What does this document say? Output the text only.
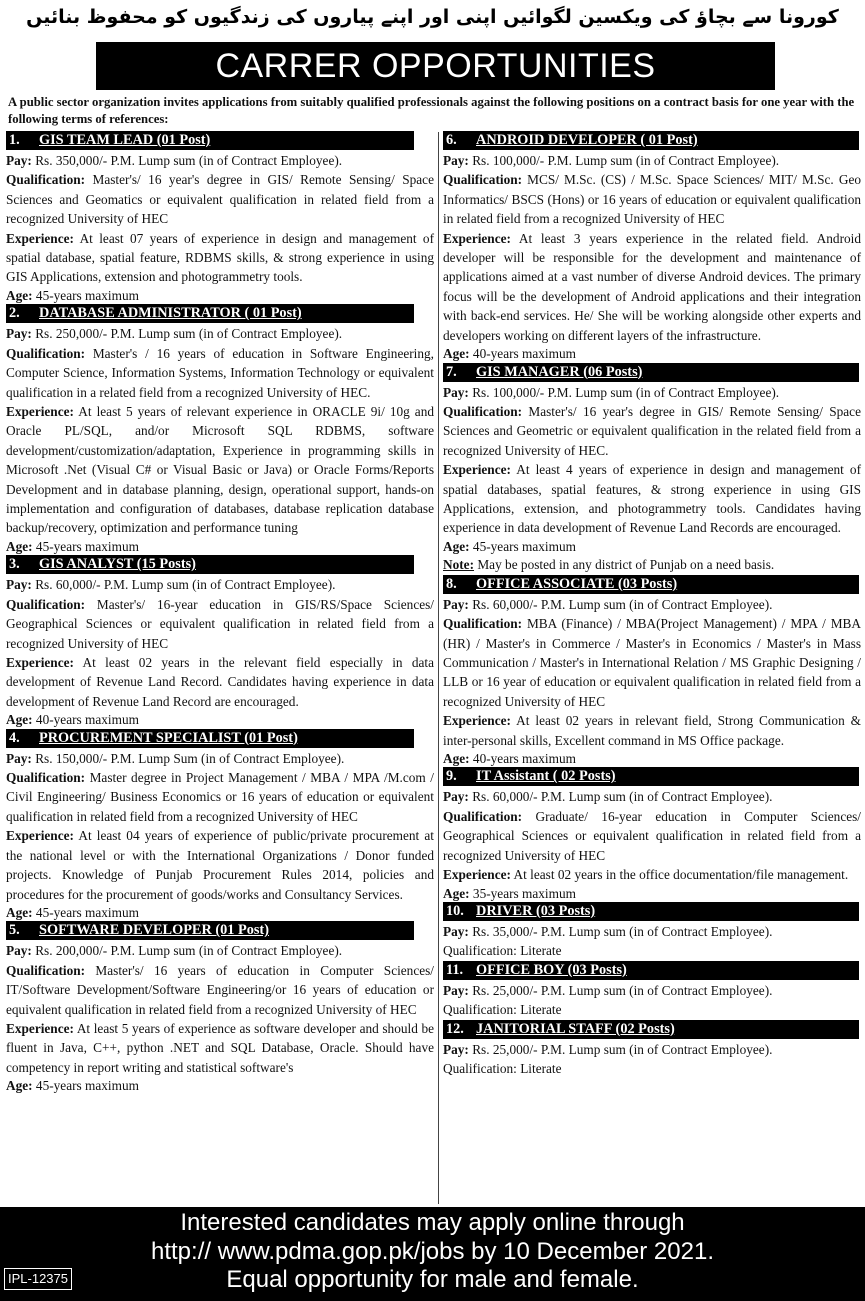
کورونا سے بچاؤ کی ویکسین لگوائیں اپنی اور اپنے پیاروں کی زندگیوں کو محفوظ بنائیں
CARRER OPPORTUNITIES
A public sector organization invites applications from suitably qualified professionals against the following positions on a contract basis for one year with the following terms of references:
1. GIS TEAM LEAD (01 Post)

Pay: Rs. 350,000/- P.M. Lump sum (in of Contract Employee).

Qualification: Master's/ 16 year's degree in GIS/ Remote Sensing/ Space Sciences and Geomatics or equivalent qualification in related field from a recognized University of HEC

Experience: At least 07 years of experience in design and management of spatial database, spatial feature, RDBMS skills, & strong experience in using GIS Applications, extension and photogrammetry tools.

Age: 45-years maximum

2. DATABASE ADMINISTRATOR ( 01 Post)

Pay: Rs. 250,000/- P.M. Lump sum (in of Contract Employee).

Qualification: Master's / 16 years of education in Software Engineering, Computer Science, Information Systems, Information Technology or equivalent qualification in a related field from a recognized University of HEC.

Experience: At least 5 years of relevant experience in ORACLE 9i/ 10g and Oracle PL/SQL, and/or Microsoft SQL RDBMS, software development/customization/adaptation, Experience in programming skills in Microsoft .Net (Visual C# or Visual Basic or Java) or Oracle Forms/Reports Development and in database planning, design, operational support, hands-on implementation and configuration of databases, database replication database backup/recovery, optimization and performance tuning

Age: 45-years maximum

3. GIS ANALYST (15 Posts)

Pay: Rs. 60,000/- P.M. Lump sum (in of Contract Employee).

Qualification: Master's/ 16-year education in GIS/RS/Space Sciences/ Geographical Sciences or equivalent qualification in related field from a recognized University of HEC

Experience: At least 02 years in the relevant field especially in data development of Revenue Land Record. Candidates having experience in data development of Revenue Land Record are encouraged.

Age: 40-years maximum

4. PROCUREMENT SPECIALIST (01 Post)

Pay: Rs. 150,000/- P.M. Lump Sum (in of Contract Employee).

Qualification: Master degree in Project Management / MBA / MPA /M.com / Civil Engineering/ Business Economics or 16 years of education or equivalent qualification in related field from a recognized University of HEC

Experience: At least 04 years of experience of public/private procurement at the national level or with the International Organizations / Donor funded projects. Knowledge of Punjab Procurement Rules 2014, policies and procedures for the procurement of goods/works and Consultancy Services.

Age: 45-years maximum

5. SOFTWARE DEVELOPER (01 Post)

Pay: Rs. 200,000/- P.M. Lump sum (in of Contract Employee).

Qualification: Master's/ 16 years of education in Computer Sciences/ IT/Software Development/Software Engineering/or 16 years of education or equivalent qualification in related field from a recognized University of HEC

Experience: At least 5 years of experience as software developer and should be fluent in Java, C++, python .NET and SQL Database, Oracle. Should have competency in report writing and statistical software's

Age: 45-years maximum

6. ANDROID DEVELOPER ( 01 Post)

Pay: Rs. 100,000/- P.M. Lump sum (in of Contract Employee).

Qualification: MCS/ M.Sc. (CS) / M.Sc. Space Sciences/ MIT/ M.Sc. Geo Informatics/ BSCS (Hons) or 16 years of education or equivalent qualification in related field from a recognized University of HEC

Experience: At least 3 years experience in the related field. Android developer will be responsible for the development and maintenance of applications aimed at a vast number of diverse Android devices. The primary focus will be the development of Android applications and their integration with back-end services. He/ She will be working alongside other experts and developers working on different layers of the infrastructure.

Age: 40-years maximum

7. GIS MANAGER (06 Posts)

Pay: Rs. 100,000/- P.M. Lump sum (in of Contract Employee).

Qualification: Master's/ 16 year's degree in GIS/ Remote Sensing/ Space Sciences and Geometric or equivalent qualification in the related field from a recognized University of HEC.

Experience: At least 4 years of experience in design and management of spatial databases, spatial features, & strong experience in using GIS Applications, extension, and photogrammetry tools. Candidates having experience in data development of Revenue Land Records are encouraged.

Age: 45-years maximum

Note: May be posted in any district of Punjab on a need basis.

8. OFFICE ASSOCIATE (03 Posts)

Pay: Rs. 60,000/- P.M. Lump sum (in of Contract Employee).

Qualification: MBA (Finance) / MBA(Project Management) / MPA / MBA (HR) / Master's in Commerce / Master's in Economics / Master's in Mass Communication / Master's in International Relation / MS Graphic Designing / LLB or 16 year of education or equivalent qualification in related field from a recognized University of HEC

Experience: At least 02 years in relevant field, Strong Communication & inter-personal skills, Excellent command in MS Office package.

Age: 40-years maximum

9. IT Assistant ( 02 Posts)

Pay: Rs. 60,000/- P.M. Lump sum (in of Contract Employee).

Qualification: Graduate/ 16-year education in Computer Sciences/ Geographical Sciences or equivalent qualification in related field from a recognized University of HEC

Experience: At least 02 years in the office documentation/file management.

Age: 35-years maximum

10. DRIVER (03 Posts)

Pay: Rs. 35,000/- P.M. Lump sum (in of Contract Employee).

Qualification: Literate

11. OFFICE BOY (03 Posts)

Pay: Rs. 25,000/- P.M. Lump sum (in of Contract Employee).

Qualification: Literate

12. JANITORIAL STAFF (02 Posts)

Pay: Rs. 25,000/- P.M. Lump sum (in of Contract Employee).

Qualification: Literate

Interested candidates may apply online through
http:// www.pdma.gop.pk/jobs by 10 December 2021.
Equal opportunity for male and female.
IPL-12375
